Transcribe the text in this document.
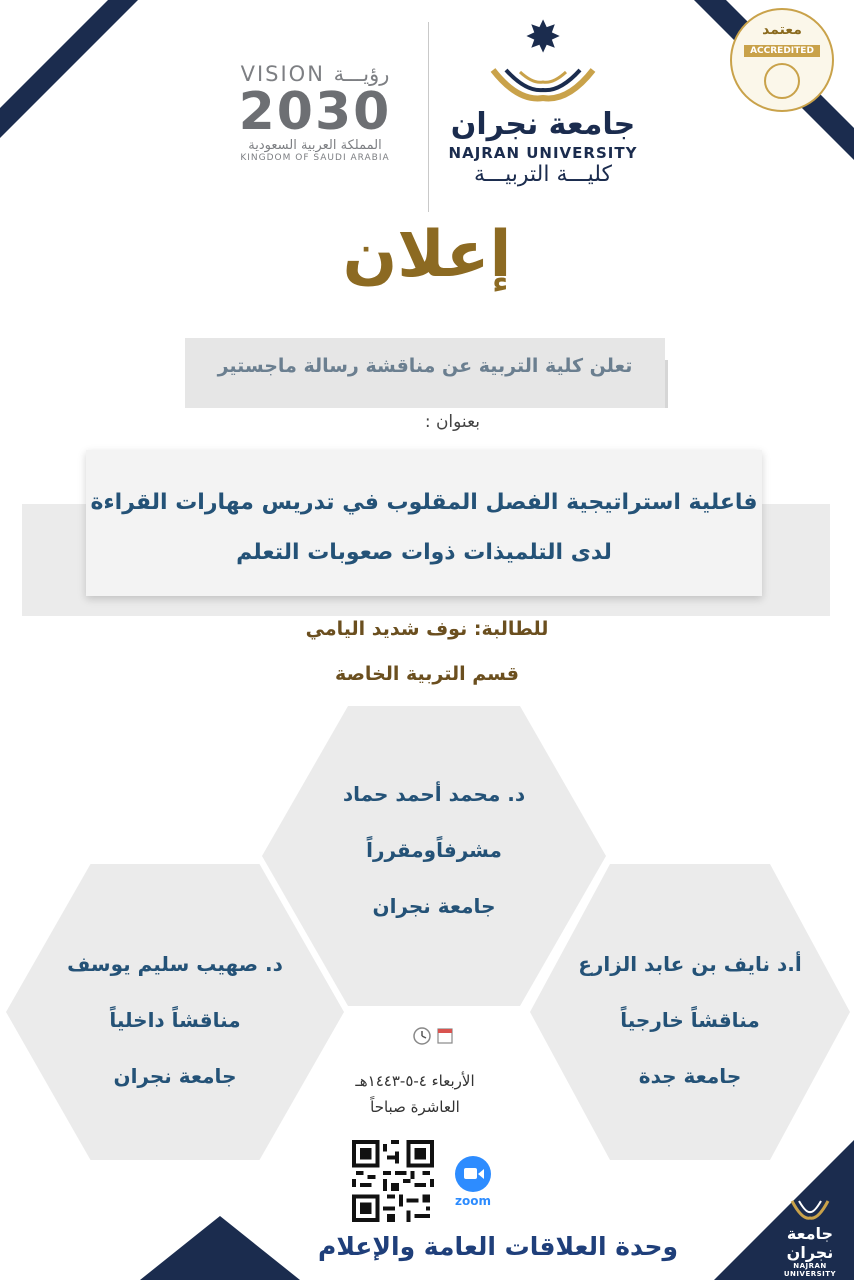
معتمد
ACCREDITED
VISION رؤيـــة
2030
المملكة العربية السعودية
KINGDOM OF SAUDI ARABIA
✸
جامعة نجران
NAJRAN UNIVERSITY
كليـــة التربيـــة
إعلان
تعلن كلية التربية عن مناقشة رسالة ماجستير
بعنوان :
فاعلية استراتيجية الفصل المقلوب في تدريس مهارات القراءة
لدى التلميذات ذوات صعوبات التعلم
للطالبة: نوف شديد اليامي
قسم التربية الخاصة
د. محمد أحمد حماد
مشرفاًومقرراً
جامعة نجران
د. صهيب سليم يوسف
مناقشاً داخلياً
جامعة نجران
أ.د نايف بن عابد الزارع
مناقشاً خارجياً
جامعة جدة
الأربعاء ٤-٥-١٤٤٣هـ
العاشرة صباحاً
zoom
وحدة العلاقات العامة والإعلام	جامعة نجران
NAJRAN UNIVERSITY
